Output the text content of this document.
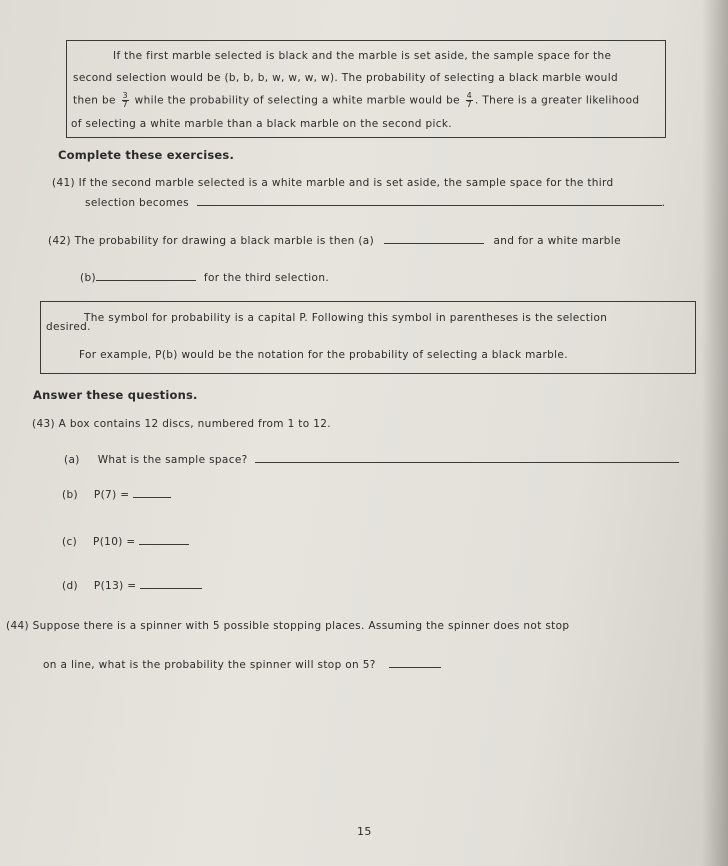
If the first marble selected is black and the marble is set aside, the sample space for the
second selection would be (b, b, b, w, w, w, w). The probability of selecting a black marble would
then be $\frac{3}{7}$ while the probability of selecting a white marble would be $\frac{4}{7}$ . There is a greater likelihood
of selecting a white marble than a black marble on the second pick.
Complete these exercises.
(41) If the second marble selected is a white marble and is set aside, the sample space for the third
selection becomes	.
(42) The probability for drawing a black marble is then (a)	and for a white marble
(b)	for the third selection.
The symbol for probability is a capital P. Following this symbol in parentheses is the selection
desired.
For example, P(b) would be the notation for the probability of selecting a black marble.
Answer these questions.
(43) A box contains 12 discs, numbered from 1 to 12.
(a) What is the sample space?
(b) P(7) =
(c) P(10) =
(d) P(13) =
(44) Suppose there is a spinner with 5 possible stopping places. Assuming the spinner does not stop
on a line, what is the probability the spinner will stop on 5?
15
